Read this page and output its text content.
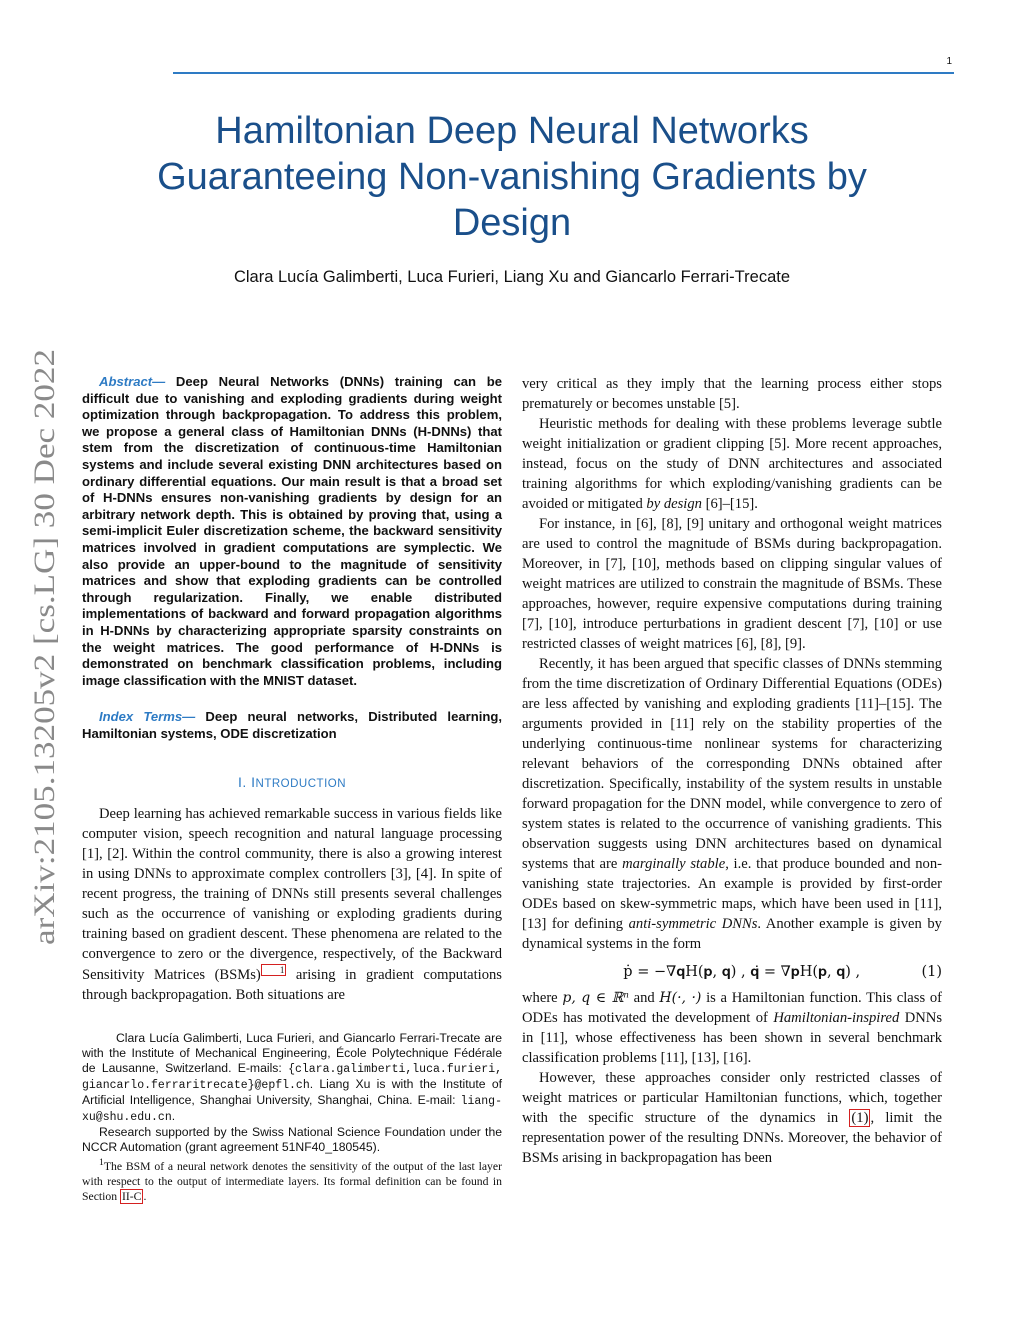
1
Hamiltonian Deep Neural Networks
Guaranteeing Non-vanishing Gradients by
Design
Clara Lucía Galimberti, Luca Furieri, Liang Xu and Giancarlo Ferrari-Trecate
arXiv:2105.13205v2 [cs.LG] 30 Dec 2022

Abstract— Deep Neural Networks (DNNs) training can be difficult due to vanishing and exploding gradients during weight optimization through backpropagation. To address this problem, we propose a general class of Hamiltonian DNNs (H-DNNs) that stem from the discretization of continuous-time Hamiltonian systems and include several existing DNN architectures based on ordinary differential equations. Our main result is that a broad set of H-DNNs ensures non-vanishing gradients by design for an arbitrary network depth. This is obtained by proving that, using a semi-implicit Euler discretization scheme, the backward sensitivity matrices involved in gradient computations are symplectic. We also provide an upper-bound to the magnitude of sensitivity matrices and show that exploding gradients can be controlled through regularization. Finally, we enable distributed implementations of backward and forward propagation algorithms in H-DNNs by characterizing appropriate sparsity constraints on the weight matrices. The good performance of H-DNNs is demonstrated on benchmark classification problems, including image classification with the MNIST dataset.

Index Terms— Deep neural networks, Distributed learning, Hamiltonian systems, ODE discretization

I. INTRODUCTION

Deep learning has achieved remarkable success in various fields like computer vision, speech recognition and natural language processing [1], [2]. Within the control community, there is also a growing interest in using DNNs to approximate complex controllers [3], [4]. In spite of recent progress, the training of DNNs still presents several challenges such as the occurrence of vanishing or exploding gradients during training based on gradient descent. These phenomena are related to the convergence to zero or the divergence, respectively, of the Backward Sensitivity Matrices (BSMs) 1 arising in gradient computations through backpropagation. Both situations are

Clara Lucía Galimberti, Luca Furieri, and Giancarlo Ferrari-Trecate are with the Institute of Mechanical Engineering, École Polytechnique Fédérale de Lausanne, Switzerland. E-mails: {clara.galimberti,luca.furieri, giancarlo.ferraritrecate}@epfl.ch. Liang Xu is with the Institute of Artificial Intelligence, Shanghai University, Shanghai, China. E-mail: liang-xu@shu.edu.cn.

Research supported by the Swiss National Science Foundation under the NCCR Automation (grant agreement 51NF40_180545).

$^1$The BSM of a neural network denotes the sensitivity of the output of the last layer with respect to the output of intermediate layers. Its formal definition can be found in Section II-C .

very critical as they imply that the learning process either stops prematurely or becomes unstable [5].

Heuristic methods for dealing with these problems leverage subtle weight initialization or gradient clipping [5]. More recent approaches, instead, focus on the study of DNN architectures and associated training algorithms for which exploding/vanishing gradients can be avoided or mitigated by design [6]–[15].

For instance, in [6], [8], [9] unitary and orthogonal weight matrices are used to control the magnitude of BSMs during backpropagation. Moreover, in [7], [10], methods based on clipping singular values of weight matrices are utilized to constrain the magnitude of BSMs. These approaches, however, require expensive computations during training [7], [10], introduce perturbations in gradient descent [7], [10] or use restricted classes of weight matrices [6], [8], [9].

Recently, it has been argued that specific classes of DNNs stemming from the time discretization of Ordinary Differential Equations (ODEs) are less affected by vanishing and exploding gradients [11]–[15]. The arguments provided in [11] rely on the stability properties of the underlying continuous-time nonlinear systems for characterizing relevant behaviors of the corresponding DNNs obtained after discretization. Specifically, instability of the system results in unstable forward propagation for the DNN model, while convergence to zero of system states is related to the occurrence of vanishing gradients. This observation suggests using DNN architectures based on dynamical systems that are marginally stable, i.e. that produce bounded and non-vanishing state trajectories. An example is provided by first-order ODEs based on skew-symmetric maps, which have been used in [11], [13] for defining anti-symmetric DNNs. Another example is given by dynamical systems in the form

ṗ = −∇𝐪H(𝐩, 𝐪) , 𝐪̇ = ∇𝐩H(𝐩, 𝐪) ,	(1)

where p, q ∈ ℝⁿ and H(·, ·) is a Hamiltonian function. This class of ODEs has motivated the development of Hamiltonian-inspired DNNs in [11], whose effectiveness has been shown in several benchmark classification problems [11], [13], [16].

However, these approaches consider only restricted classes of weight matrices or particular Hamiltonian functions, which, together with the specific structure of the dynamics in (1) , limit the representation power of the resulting DNNs. Moreover, the behavior of BSMs arising in backpropagation has been
